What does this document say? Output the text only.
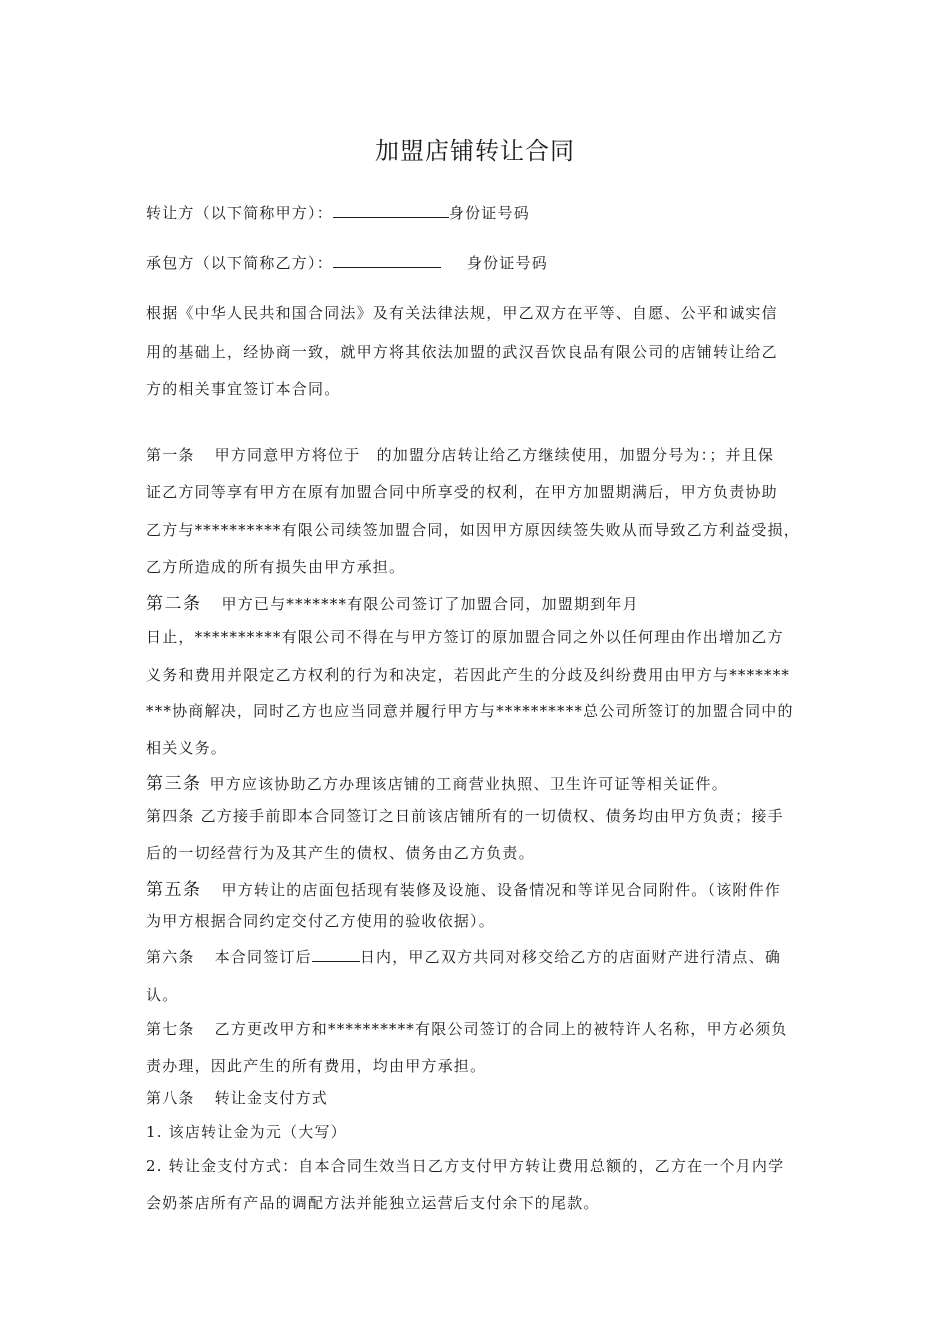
加盟店铺转让合同
转让方（以下简称甲方）：	身份证号码
承包方（以下简称乙方）：	身份证号码
根据《中华人民共和国合同法》及有关法律法规，甲乙双方在平等、自愿、公平和诚实信
用的基础上，经协商一致，就甲方将其依法加盟的武汉吾饮良品有限公司的店铺转让给乙
方的相关事宜签订本合同。
第一条 甲方同意甲方将位于　的加盟分店转让给乙方继续使用，加盟分号为：；并且保
证乙方同等享有甲方在原有加盟合同中所享受的权利，在甲方加盟期满后，甲方负责协助
乙方与**********有限公司续签加盟合同，如因甲方原因续签失败从而导致乙方利益受损，
乙方所造成的所有损失由甲方承担。
第二条 甲方已与*******有限公司签订了加盟合同，加盟期到年月
日止，**********有限公司不得在与甲方签订的原加盟合同之外以任何理由作出增加乙方
义务和费用并限定乙方权利的行为和决定，若因此产生的分歧及纠纷费用由甲方与*******
***协商解决，同时乙方也应当同意并履行甲方与**********总公司所签订的加盟合同中的
相关义务。
第三条 甲方应该协助乙方办理该店铺的工商营业执照、卫生许可证等相关证件。
第四条 乙方接手前即本合同签订之日前该店铺所有的一切债权、债务均由甲方负责；接手
后的一切经营行为及其产生的债权、债务由乙方负责。
第五条 甲方转让的店面包括现有装修及设施、设备情况和等详见合同附件。（该附件作
为甲方根据合同约定交付乙方使用的验收依据）。
第六条 本合同签订后	日内，甲乙双方共同对移交给乙方的店面财产进行清点、确
认。
第七条 乙方更改甲方和**********有限公司签订的合同上的被特许人名称，甲方必须负
责办理，因此产生的所有费用，均由甲方承担。
第八条 转让金支付方式
1. 该店转让金为元（大写）
2. 转让金支付方式：自本合同生效当日乙方支付甲方转让费用总额的，乙方在一个月内学
会奶茶店所有产品的调配方法并能独立运营后支付余下的尾款。
